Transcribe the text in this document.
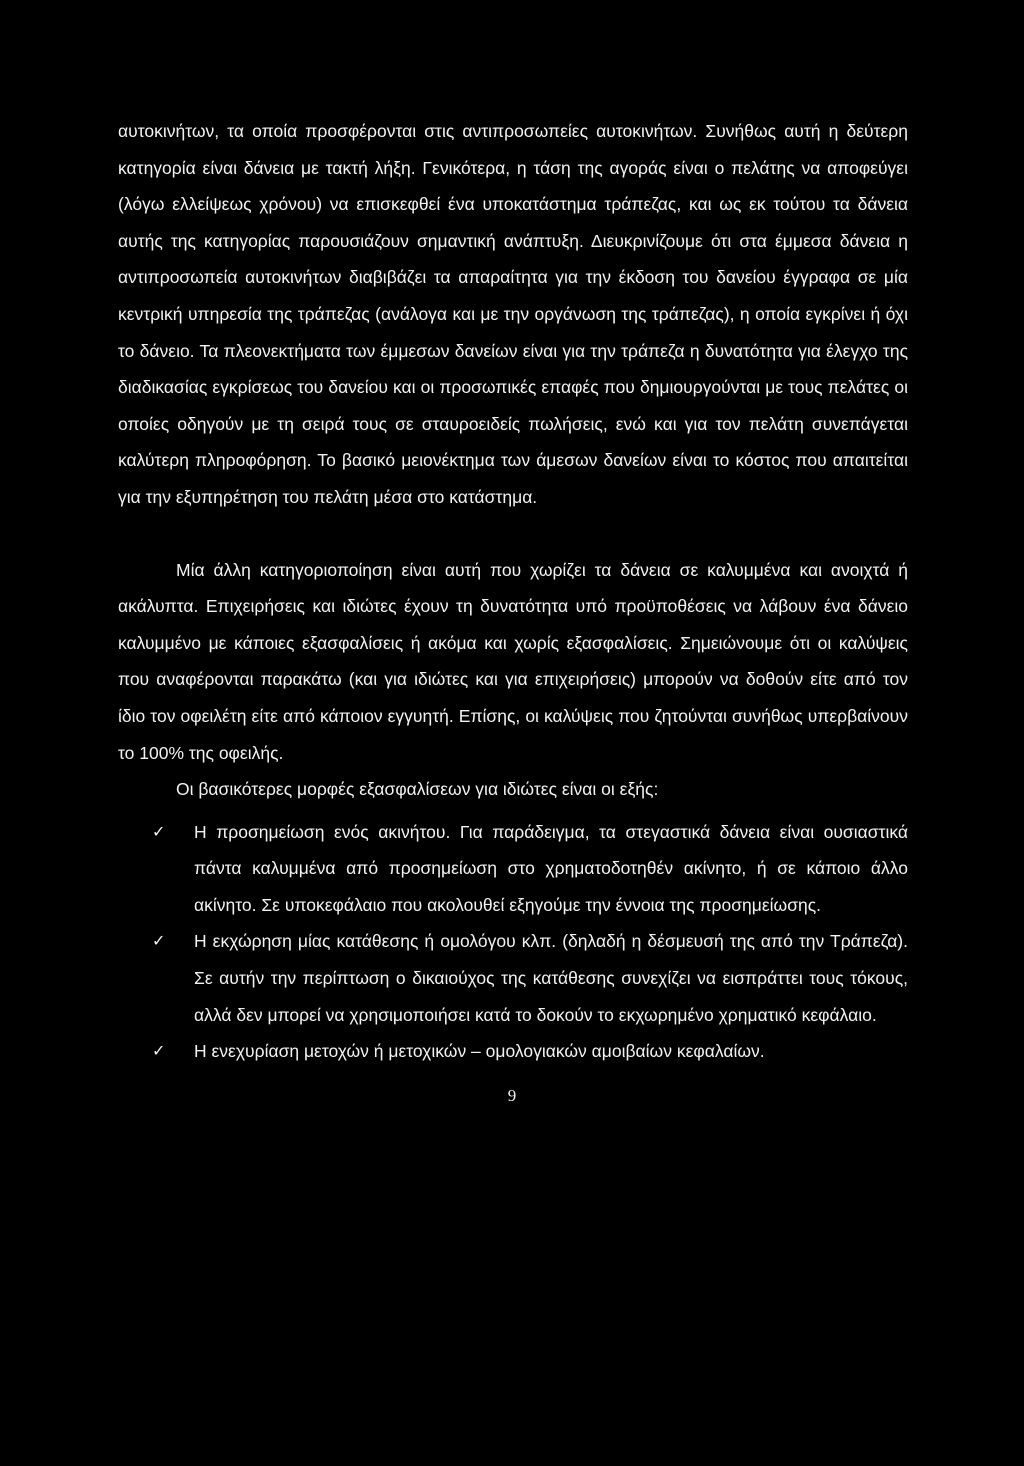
αυτοκινήτων, τα οποία προσφέρονται στις αντιπροσωπείες αυτοκινήτων. Συνήθως αυτή η δεύτερη κατηγορία είναι δάνεια με τακτή λήξη. Γενικότερα, η τάση της αγοράς είναι ο πελάτης να αποφεύγει (λόγω ελλείψεως χρόνου) να επισκεφθεί ένα υποκατάστημα τράπεζας, και ως εκ τούτου τα δάνεια αυτής της κατηγορίας παρουσιάζουν σημαντική ανάπτυξη. Διευκρινίζουμε ότι στα έμμεσα δάνεια η αντιπροσωπεία αυτοκινήτων διαβιβάζει τα απαραίτητα για την έκδοση του δανείου έγγραφα σε μία κεντρική υπηρεσία της τράπεζας (ανάλογα και με την οργάνωση της τράπεζας), η οποία εγκρίνει ή όχι το δάνειο. Τα πλεονεκτήματα των έμμεσων δανείων είναι για την τράπεζα η δυνατότητα για έλεγχο της διαδικασίας εγκρίσεως του δανείου και οι προσωπικές επαφές που δημιουργούνται με τους πελάτες οι οποίες οδηγούν με τη σειρά τους σε σταυροειδείς πωλήσεις, ενώ και για τον πελάτη συνεπάγεται καλύτερη πληροφόρηση. Το βασικό μειονέκτημα των άμεσων δανείων είναι το κόστος που απαιτείται για την εξυπηρέτηση του πελάτη μέσα στο κατάστημα.

Μία άλλη κατηγοριοποίηση είναι αυτή που χωρίζει τα δάνεια σε καλυμμένα και ανοιχτά ή ακάλυπτα. Επιχειρήσεις και ιδιώτες έχουν τη δυνατότητα υπό προϋποθέσεις να λάβουν ένα δάνειο καλυμμένο με κάποιες εξασφαλίσεις ή ακόμα και χωρίς εξασφαλίσεις. Σημειώνουμε ότι οι καλύψεις που αναφέρονται παρακάτω (και για ιδιώτες και για επιχειρήσεις) μπορούν να δοθούν είτε από τον ίδιο τον οφειλέτη είτε από κάποιον εγγυητή. Επίσης, οι καλύψεις που ζητούνται συνήθως υπερβαίνουν το 100% της οφειλής.

Οι βασικότερες μορφές εξασφαλίσεων για ιδιώτες είναι οι εξής:

✓ Η προσημείωση ενός ακινήτου. Για παράδειγμα, τα στεγαστικά δάνεια είναι ουσιαστικά πάντα καλυμμένα από προσημείωση στο χρηματοδοτηθέν ακίνητο, ή σε κάποιο άλλο ακίνητο. Σε υποκεφάλαιο που ακολουθεί εξηγούμε την έννοια της προσημείωσης.
✓ Η εκχώρηση μίας κατάθεσης ή ομολόγου κλπ. (δηλαδή η δέσμευσή της από την Τράπεζα). Σε αυτήν την περίπτωση ο δικαιούχος της κατάθεσης συνεχίζει να εισπράττει τους τόκους, αλλά δεν μπορεί να χρησιμοποιήσει κατά το δοκούν το εκχωρημένο χρηματικό κεφάλαιο.
✓ Η ενεχυρίαση μετοχών ή μετοχικών – ομολογιακών αμοιβαίων κεφαλαίων.
9
